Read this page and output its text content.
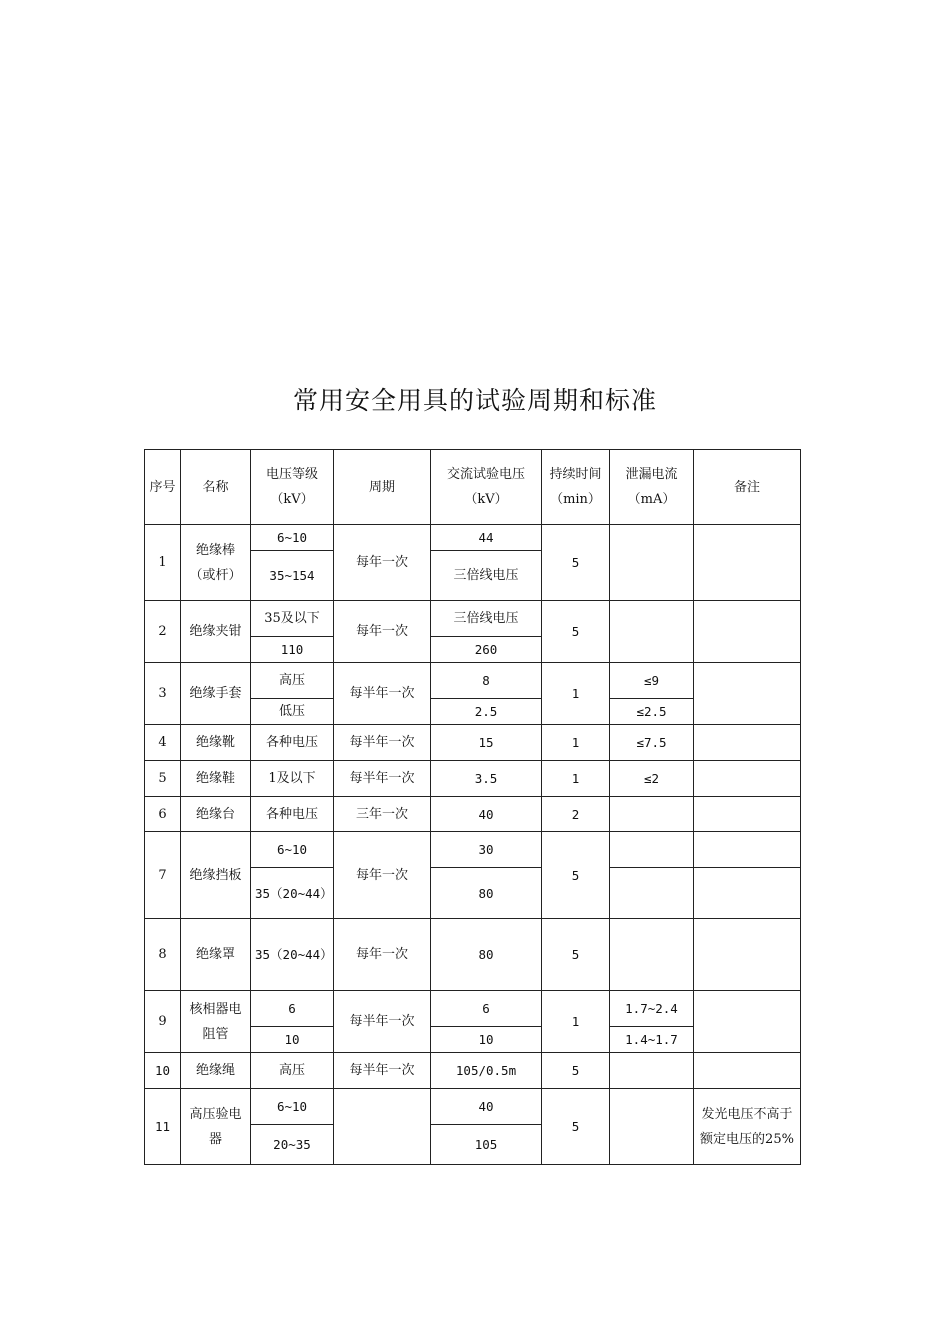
常用安全用具的试验周期和标准
序号	名称	电压等级（kV）	周期	交流试验电压（kV）	持续时间（min）	泄漏电流（mA）	备注
1	绝缘棒（或杆）	6~10	每年一次	44	5		
		35~154		三倍线电压			
2	绝缘夹钳	35及以下	每年一次	三倍线电压	5		
		110		260			
3	绝缘手套	高压	每半年一次	8	1	≤9	
		低压		2.5		≤2.5	
4	绝缘靴	各种电压	每半年一次	15	1	≤7.5	
5	绝缘鞋	1及以下	每半年一次	3.5	1	≤2	
6	绝缘台	各种电压	三年一次	40	2		
7	绝缘挡板	6~10	每年一次	30	5		
		35（20~44）		80			
8	绝缘罩	35（20~44）	每年一次	80	5		
9	核相器电阻管	6	每半年一次	6	1	1.7~2.4	
		10		10		1.4~1.7	
10	绝缘绳	高压	每半年一次	105/0.5m	5		
11	高压验电器	6~10		40	5		发光电压不高于额定电压的25%
		20~35		105			
